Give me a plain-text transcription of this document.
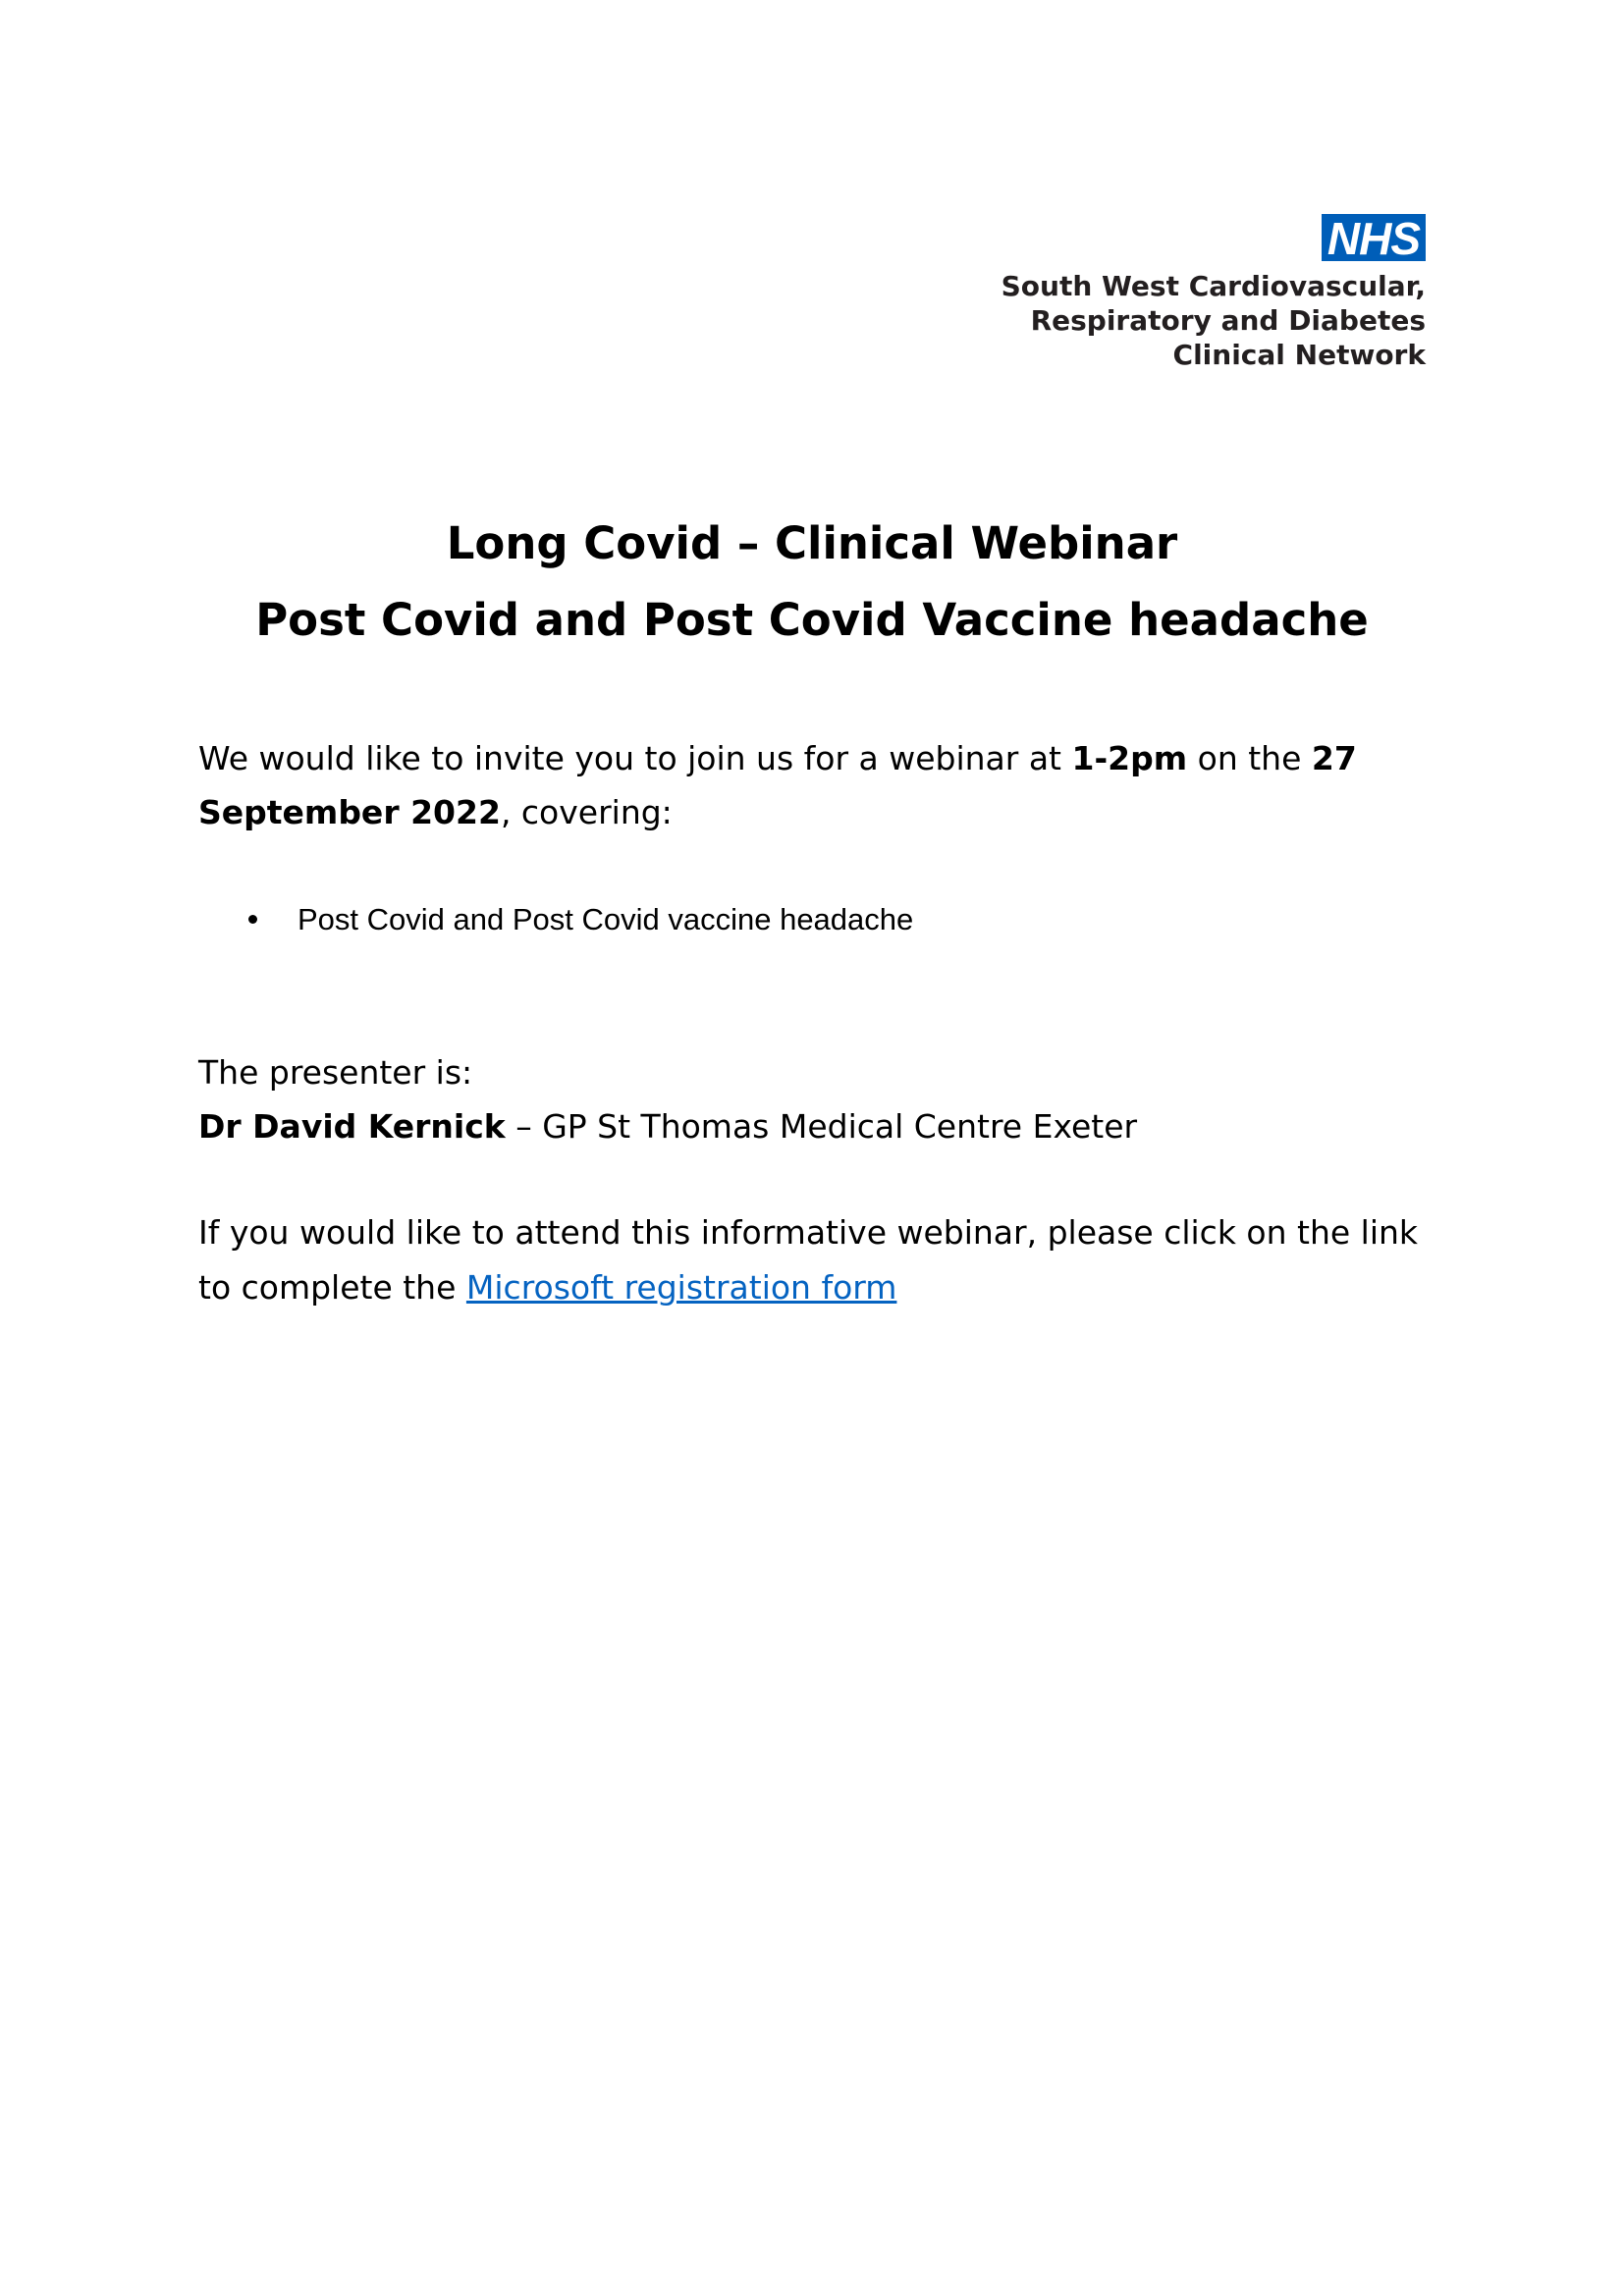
NHS
South West Cardiovascular,
Respiratory and Diabetes
Clinical Network
Long Covid – Clinical Webinar
Post Covid and Post Covid Vaccine headache

We would like to invite you to join us for a webinar at 1-2pm on the 27 September 2022, covering:

Post Covid and Post Covid vaccine headache
The presenter is:
Dr David Kernick – GP St Thomas Medical Centre Exeter
If you would like to attend this informative webinar, please click on the link to complete the Microsoft registration form
